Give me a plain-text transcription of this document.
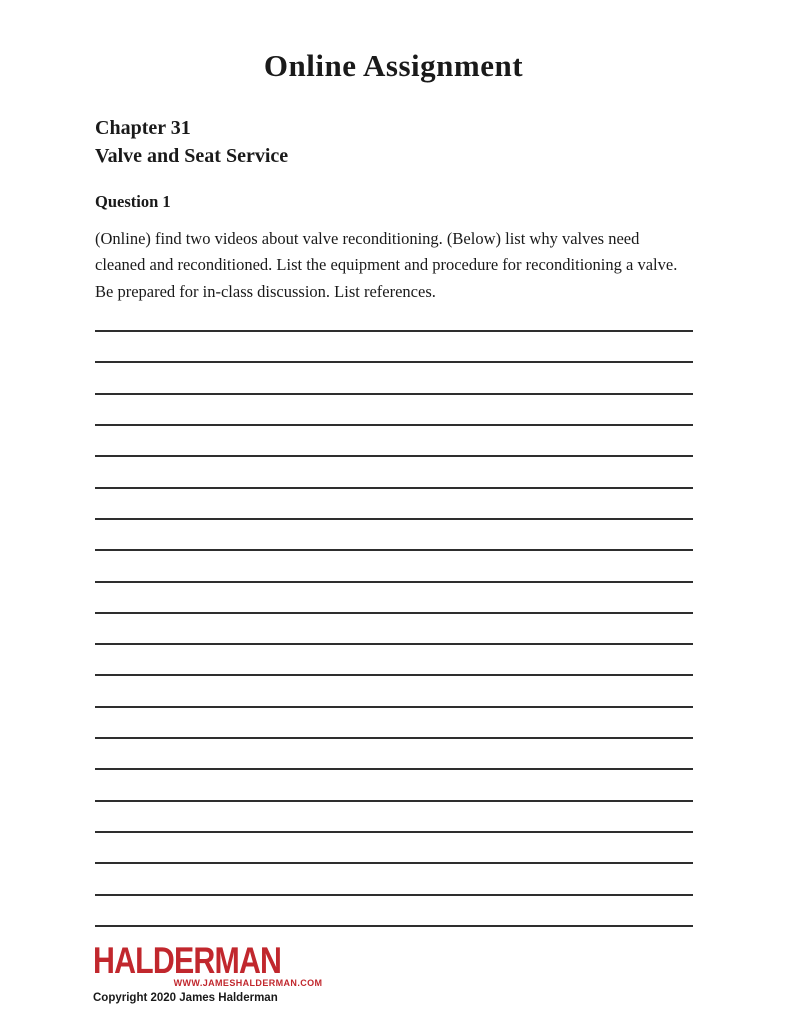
Online Assignment
Chapter 31
Valve and Seat Service
Question 1

(Online) find two videos about valve reconditioning. (Below) list why valves need cleaned and reconditioned. List the equipment and procedure for reconditioning a valve. Be prepared for in-class discussion. List references.

HALDERMAN
WWW.JAMESHALDERMAN.COM
Copyright 2020 James Halderman
